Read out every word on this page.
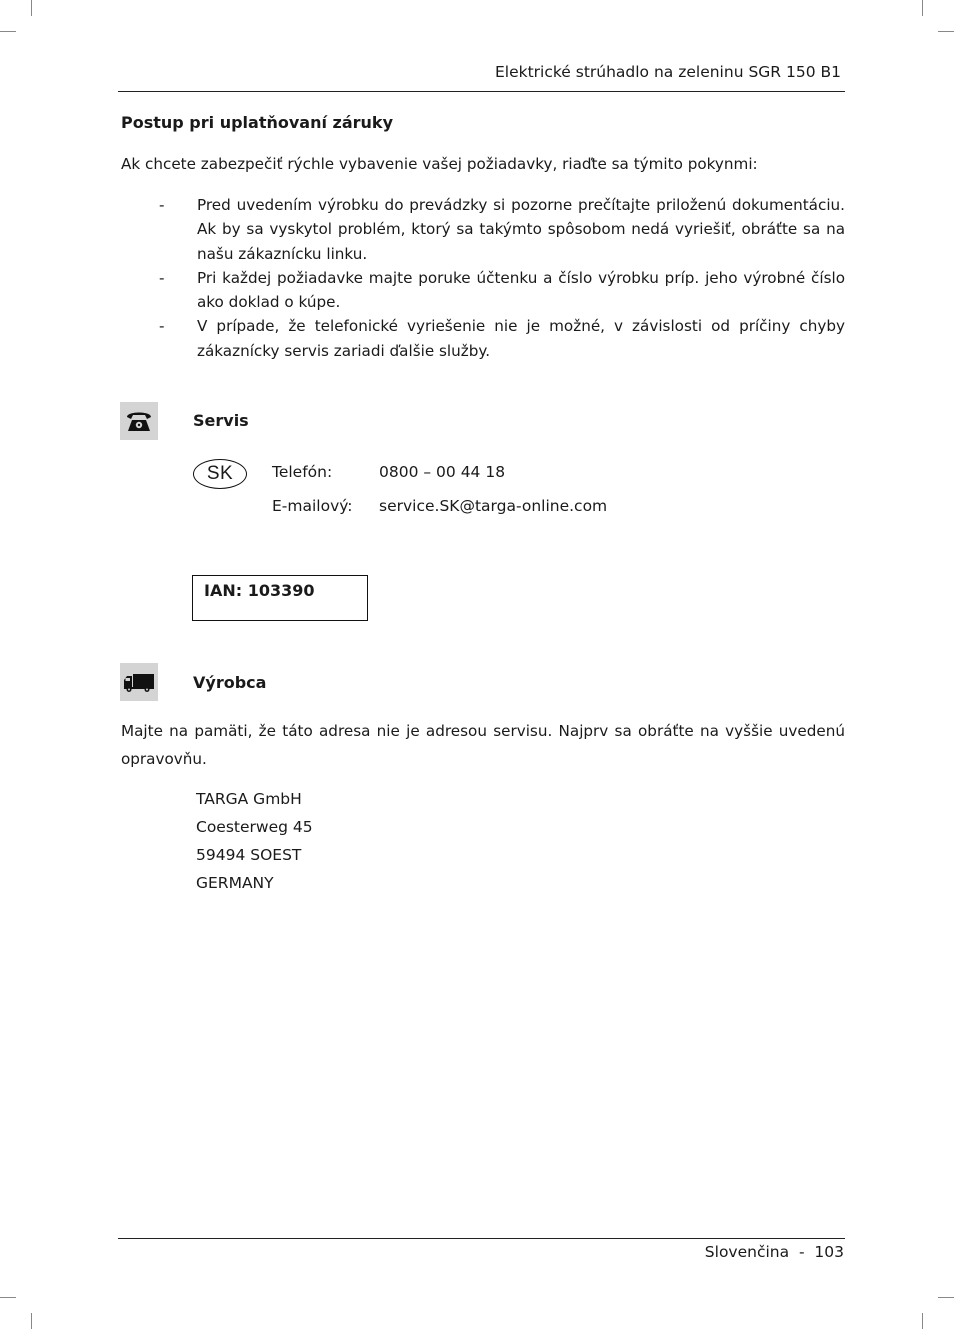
Elektrické strúhadlo na zeleninu SGR 150 B1
Postup pri uplatňovaní záruky
Ak chcete zabezpečiť rýchle vybavenie vašej požiadavky, riaďte sa týmito pokynmi:
- Pred uvedením výrobku do prevádzky si pozorne prečítajte priloženú dokumentáciu. Ak by sa vyskytol problém, ktorý sa takýmto spôsobom nedá vyriešiť, obráťte sa na našu zákaznícku linku.
- Pri každej požiadavke majte poruke účtenku a číslo výrobku príp. jeho výrobné číslo ako doklad o kúpe.
- V prípade, že telefonické vyriešenie nie je možné, v závislosti od príčiny chyby zákaznícky servis zariadi ďalšie služby.
Servis
SK	Telefón:	0800 – 00 44 18
E-mailový: service.SK@targa-online.com
IAN: 103390
Výrobca
Majte na pamäti, že táto adresa nie je adresou servisu. Najprv sa obráťte na vyššie uvedenú opravovňu.
TARGA GmbH
Coesterweg 45
59494 SOEST
GERMANY
Slovenčina  -  103
